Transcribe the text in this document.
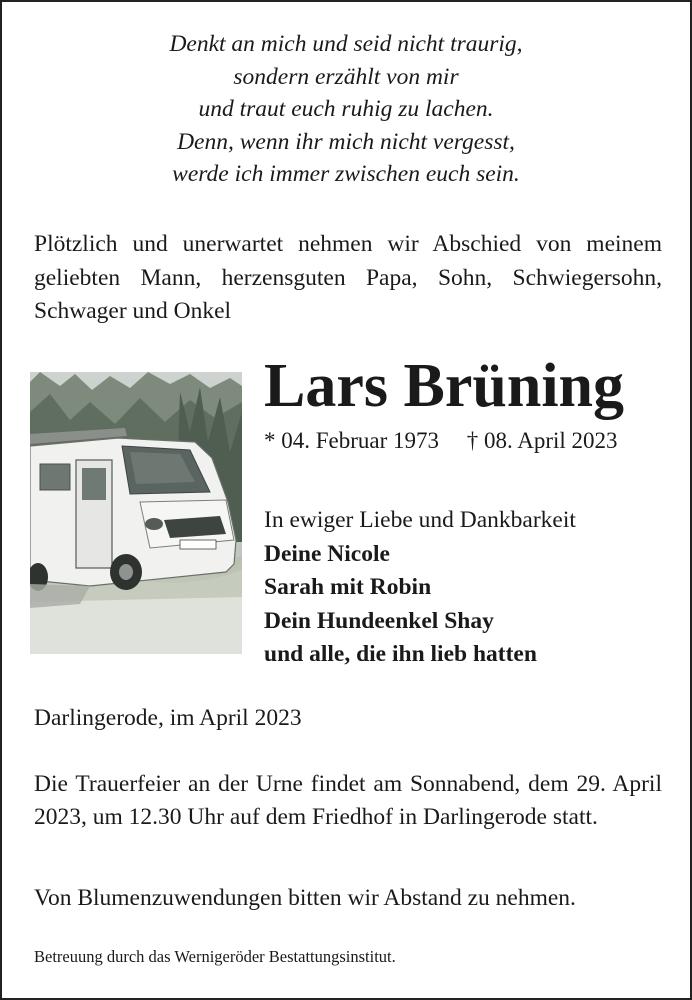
Denkt an mich und seid nicht traurig,
sondern erzählt von mir
und traut euch ruhig zu lachen.
Denn, wenn ihr mich nicht vergesst,
werde ich immer zwischen euch sein.
Plötzlich und unerwartet nehmen wir Abschied von meinem geliebten Mann, herzensguten Papa, Sohn, Schwiegersohn, Schwager und Onkel
Lars Brüning
* 04. Februar 1973 † 08. April 2023
In ewiger Liebe und Dankbarkeit
Deine Nicole
Sarah mit Robin
Dein Hundeenkel Shay
und alle, die ihn lieb hatten
Darlingerode, im April 2023
Die Trauerfeier an der Urne findet am Sonnabend, dem 29. April 2023, um 12.30 Uhr auf dem Friedhof in Darlingerode statt.
Von Blumenzuwendungen bitten wir Abstand zu nehmen.
Betreuung durch das Wernigeröder Bestattungsinstitut.
